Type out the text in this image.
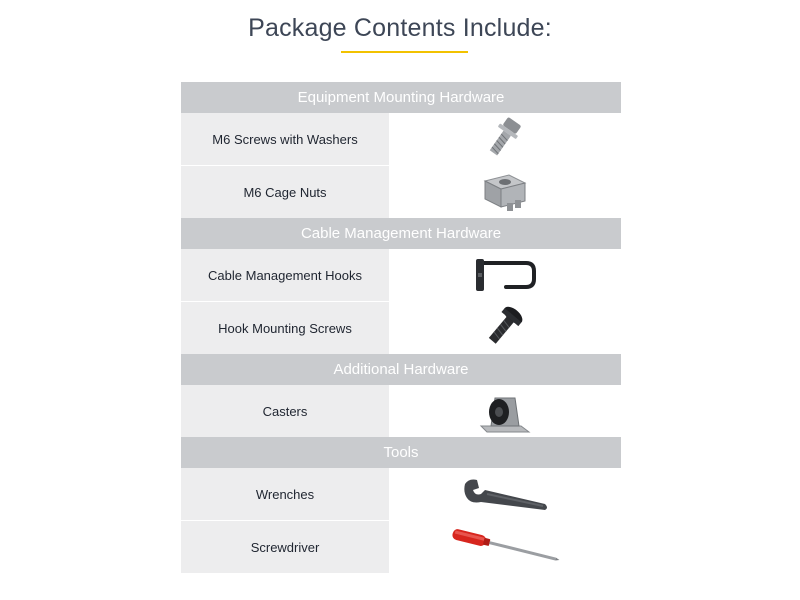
Package Contents Include:
Equipment Mounting Hardware
M6 Screws with Washers
M6 Cage Nuts
Cable Management Hardware
Cable Management Hooks
Hook Mounting Screws
Additional Hardware
Casters
Tools
Wrenches
Screwdriver
